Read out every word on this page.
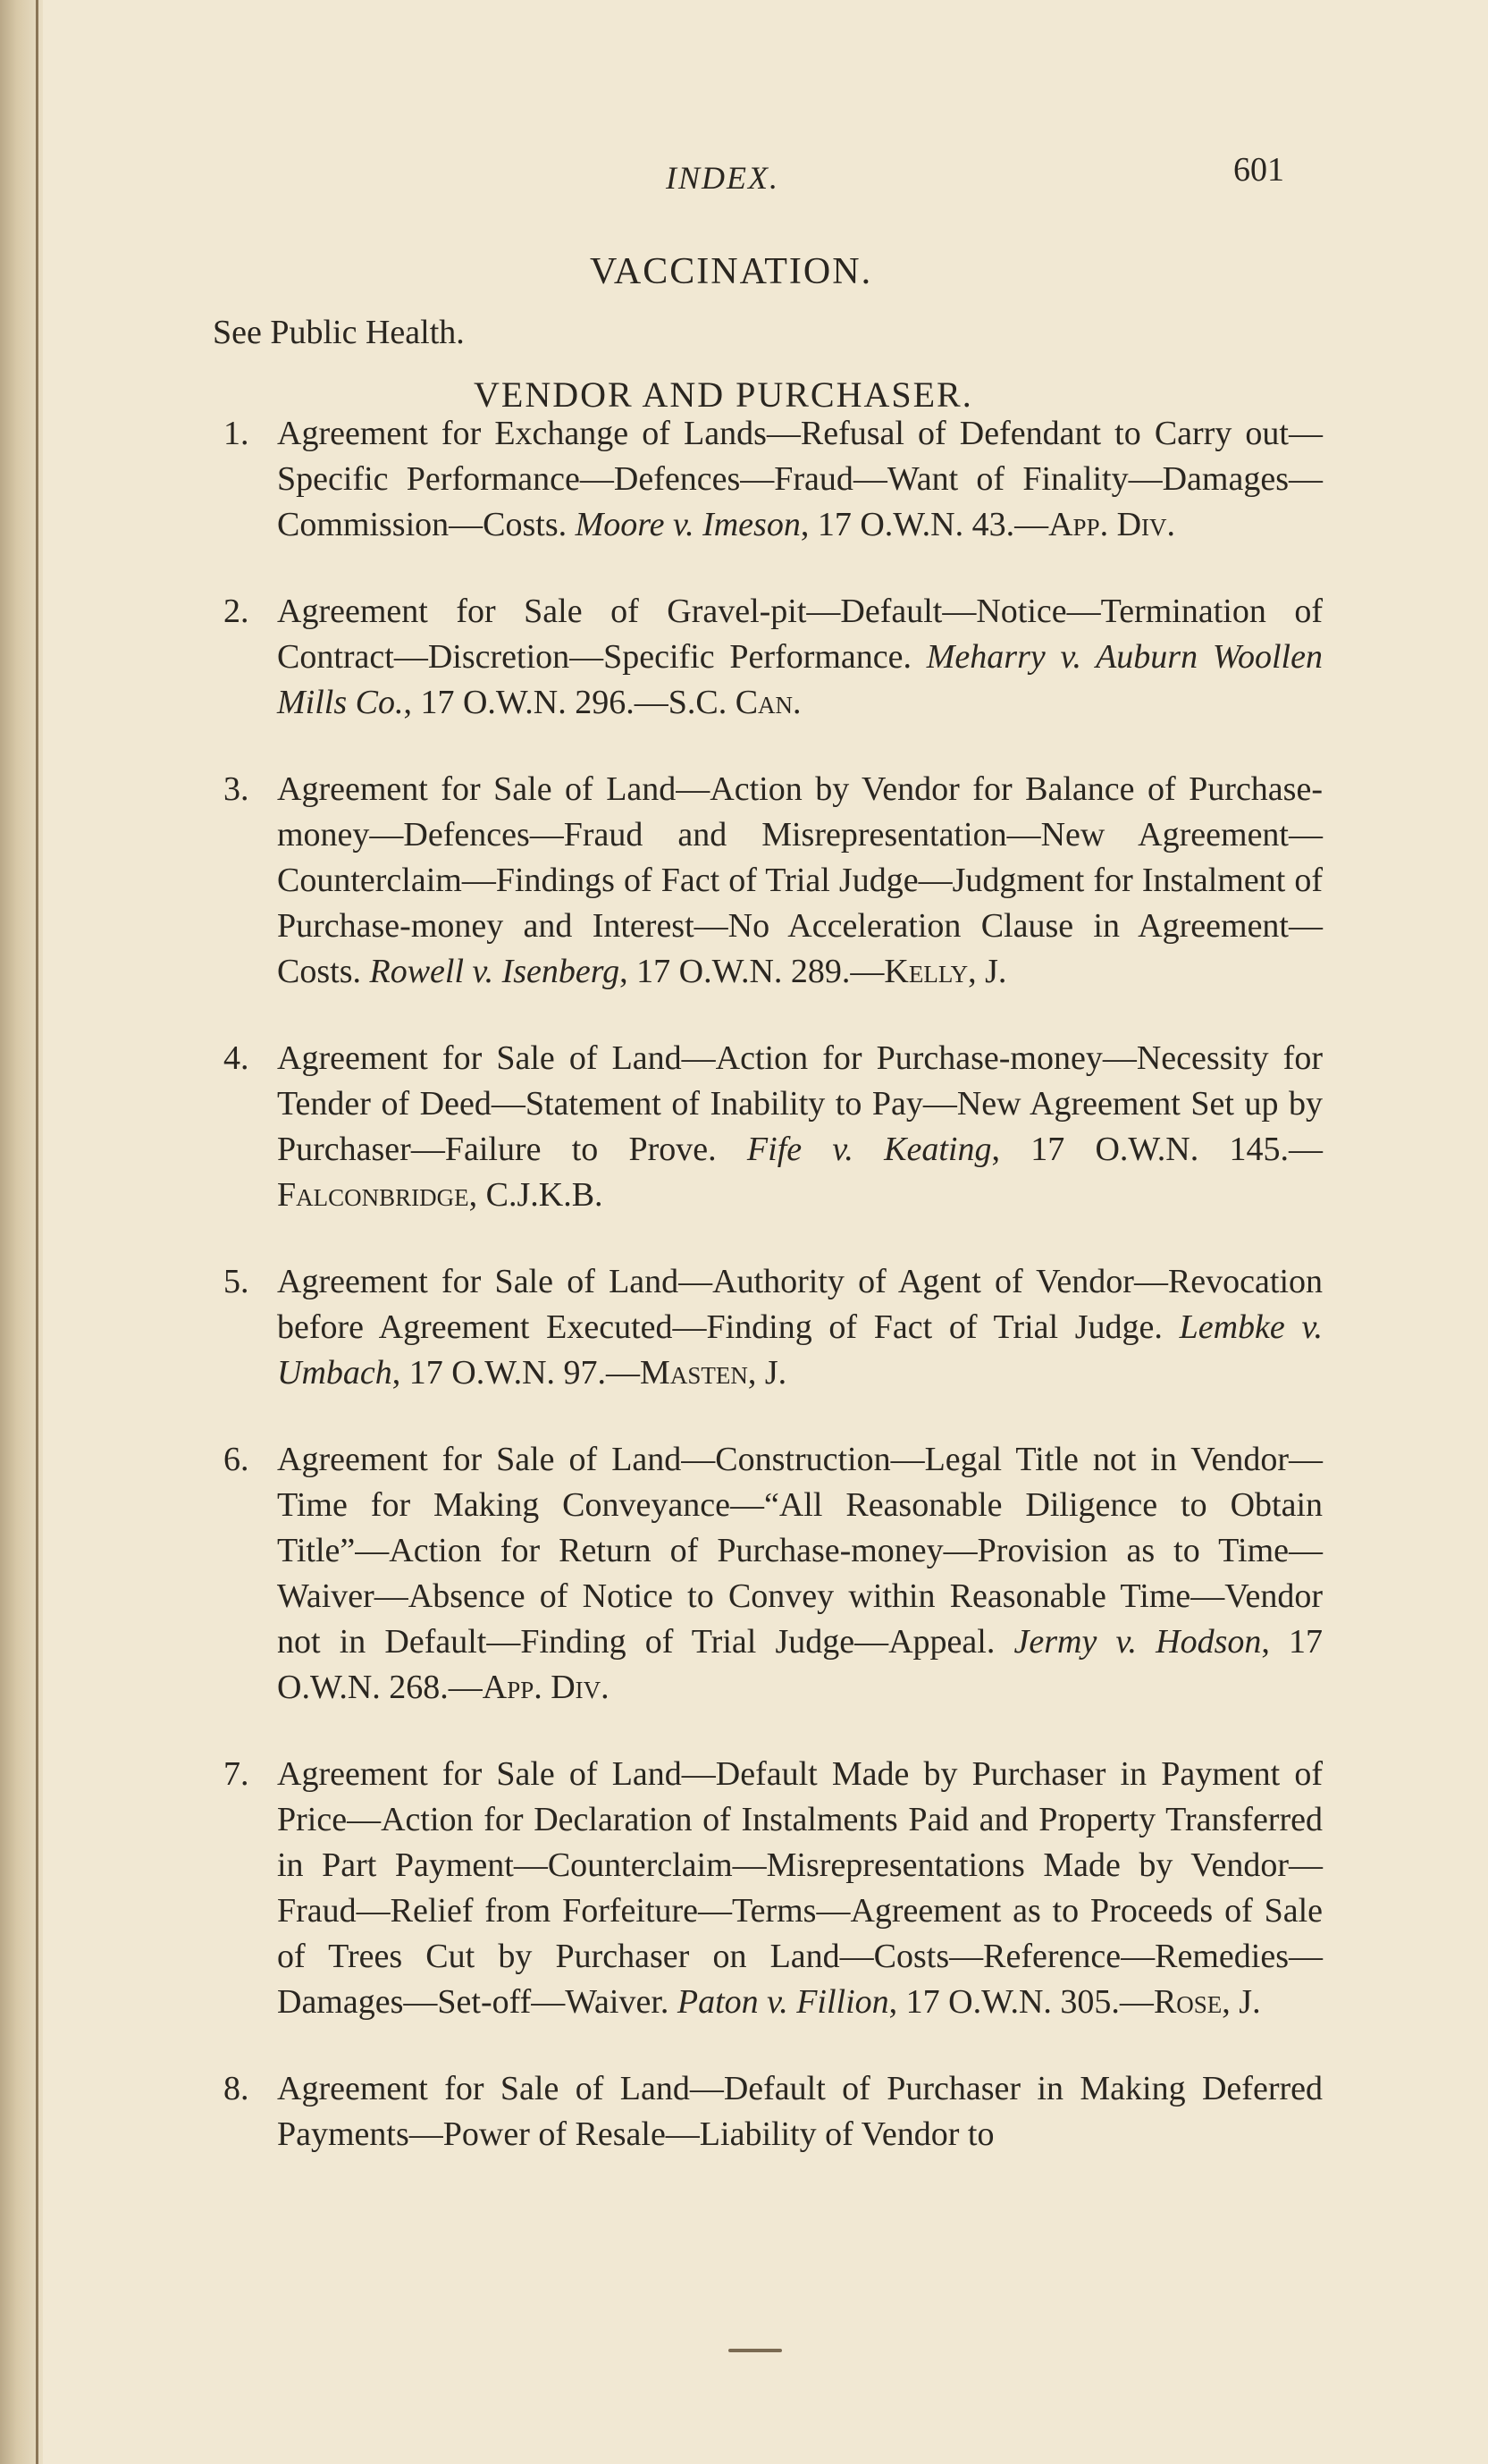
INDEX.	601
VACCINATION.
See Public Health.
VENDOR AND PURCHASER.
1. Agreement for Exchange of Lands—Refusal of Defendant to Carry out—Specific Performance—Defences—Fraud—Want of Finality—Damages—Commission—Costs. Moore v. Imeson, 17 O.W.N. 43.—App. Div.
2. Agreement for Sale of Gravel-pit—Default—Notice—Termination of Contract—Discretion—Specific Performance. Meharry v. Auburn Woollen Mills Co., 17 O.W.N. 296.—S.C. Can.
3. Agreement for Sale of Land—Action by Vendor for Balance of Purchase-money—Defences—Fraud and Misrepresentation—New Agreement—Counterclaim—Findings of Fact of Trial Judge—Judgment for Instalment of Purchase-money and Interest—No Acceleration Clause in Agreement—Costs. Rowell v. Isenberg, 17 O.W.N. 289.—Kelly, J.
4. Agreement for Sale of Land—Action for Purchase-money—Necessity for Tender of Deed—Statement of Inability to Pay—New Agreement Set up by Purchaser—Failure to Prove. Fife v. Keating, 17 O.W.N. 145.—Falconbridge, C.J.K.B.
5. Agreement for Sale of Land—Authority of Agent of Vendor—Revocation before Agreement Executed—Finding of Fact of Trial Judge. Lembke v. Umbach, 17 O.W.N. 97.—Masten, J.
6. Agreement for Sale of Land—Construction—Legal Title not in Vendor—Time for Making Conveyance—“All Reasonable Diligence to Obtain Title”—Action for Return of Purchase-money—Provision as to Time—Waiver—Absence of Notice to Convey within Reasonable Time—Vendor not in Default—Finding of Trial Judge—Appeal. Jermy v. Hodson, 17 O.W.N. 268.—App. Div.
7. Agreement for Sale of Land—Default Made by Purchaser in Payment of Price—Action for Declaration of Instalments Paid and Property Transferred in Part Payment—Counterclaim—Misrepresentations Made by Vendor—Fraud—Relief from Forfeiture—Terms—Agreement as to Proceeds of Sale of Trees Cut by Purchaser on Land—Costs—Reference—Remedies—Damages—Set-off—Waiver. Paton v. Fillion, 17 O.W.N. 305.—Rose, J.
8. Agreement for Sale of Land—Default of Purchaser in Making Deferred Payments—Power of Resale—Liability of Vendor to
